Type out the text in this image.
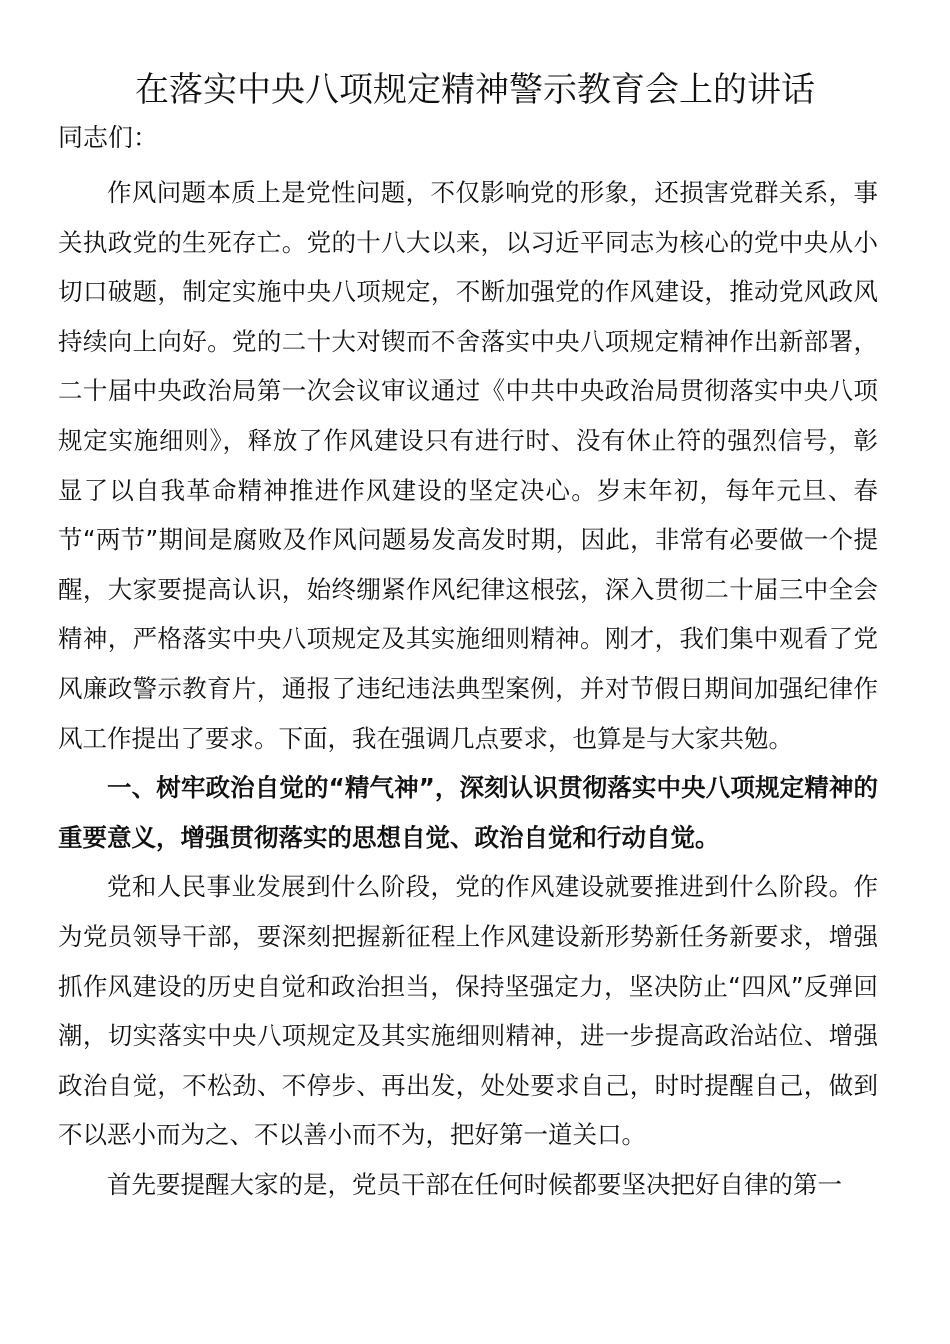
在落实中央八项规定精神警示教育会上的讲话
同志们：

作风问题本质上是党性问题，不仅影响党的形象，还损害党群关系，事关执政党的生死存亡。党的十八大以来，以习近平同志为核心的党中央从小切口破题，制定实施中央八项规定，不断加强党的作风建设，推动党风政风持续向上向好。党的二十大对锲而不舍落实中央八项规定精神作出新部署，二十届中央政治局第一次会议审议通过《中共中央政治局贯彻落实中央八项规定实施细则》，释放了作风建设只有进行时、没有休止符的强烈信号，彰显了以自我革命精神推进作风建设的坚定决心。岁末年初，每年元旦、春节“两节”期间是腐败及作风问题易发高发时期，因此，非常有必要做一个提醒，大家要提高认识，始终绷紧作风纪律这根弦，深入贯彻二十届三中全会精神，严格落实中央八项规定及其实施细则精神。刚才，我们集中观看了党风廉政警示教育片，通报了违纪违法典型案例，并对节假日期间加强纪律作风工作提出了要求。下面，我在强调几点要求，也算是与大家共勉。

一、树牢政治自觉的“精气神”，深刻认识贯彻落实中央八项规定精神的重要意义，增强贯彻落实的思想自觉、政治自觉和行动自觉。

党和人民事业发展到什么阶段，党的作风建设就要推进到什么阶段。作为党员领导干部，要深刻把握新征程上作风建设新形势新任务新要求，增强抓作风建设的历史自觉和政治担当，保持坚强定力，坚决防止“四风”反弹回潮，切实落实中央八项规定及其实施细则精神，进一步提高政治站位、增强政治自觉，不松劲、不停步、再出发，处处要求自己，时时提醒自己，做到不以恶小而为之、不以善小而不为，把好第一道关口。

首先要提醒大家的是，党员干部在任何时候都要坚决把好自律的第一
